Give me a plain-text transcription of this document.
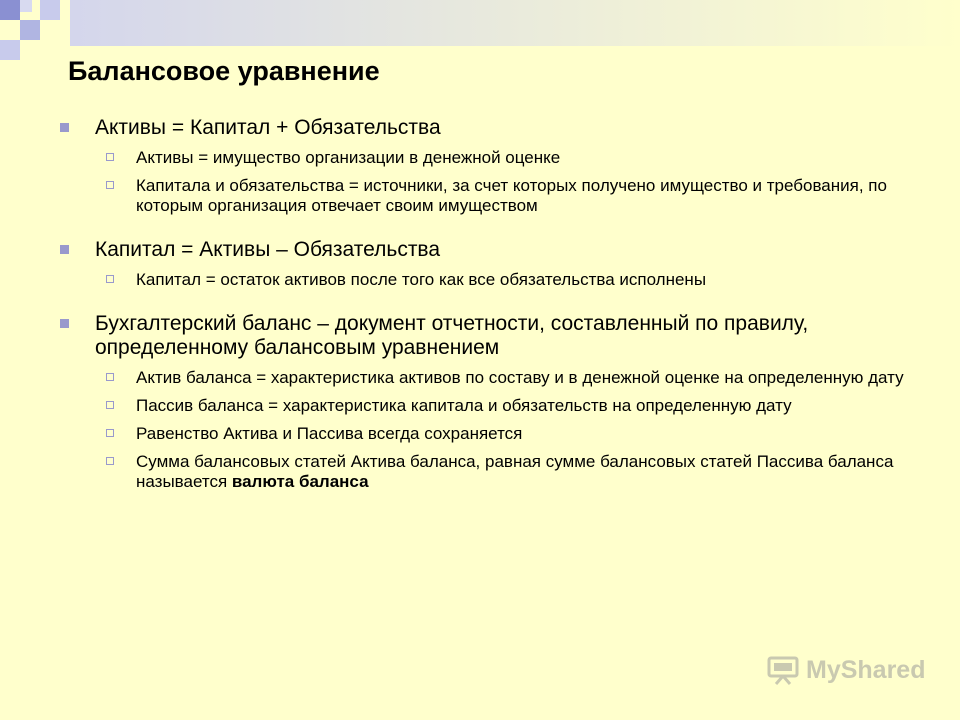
Балансовое уравнение
Активы = Капитал + Обязательства
Активы = имущество организации в денежной оценке
Капитала и обязательства = источники, за счет которых получено имущество и требования, по которым организация отвечает своим имуществом
Капитал = Активы – Обязательства
Капитал = остаток активов после того как все обязательства исполнены
Бухгалтерский баланс – документ отчетности, составленный по правилу, определенному балансовым уравнением
Актив баланса = характеристика активов по составу и в денежной оценке на определенную дату
Пассив баланса = характеристика капитала и обязательств на определенную дату
Равенство Актива и Пассива всегда сохраняется
Сумма балансовых статей Актива баланса, равная сумме балансовых статей Пассива баланса называется валюта баланса
MyShared
